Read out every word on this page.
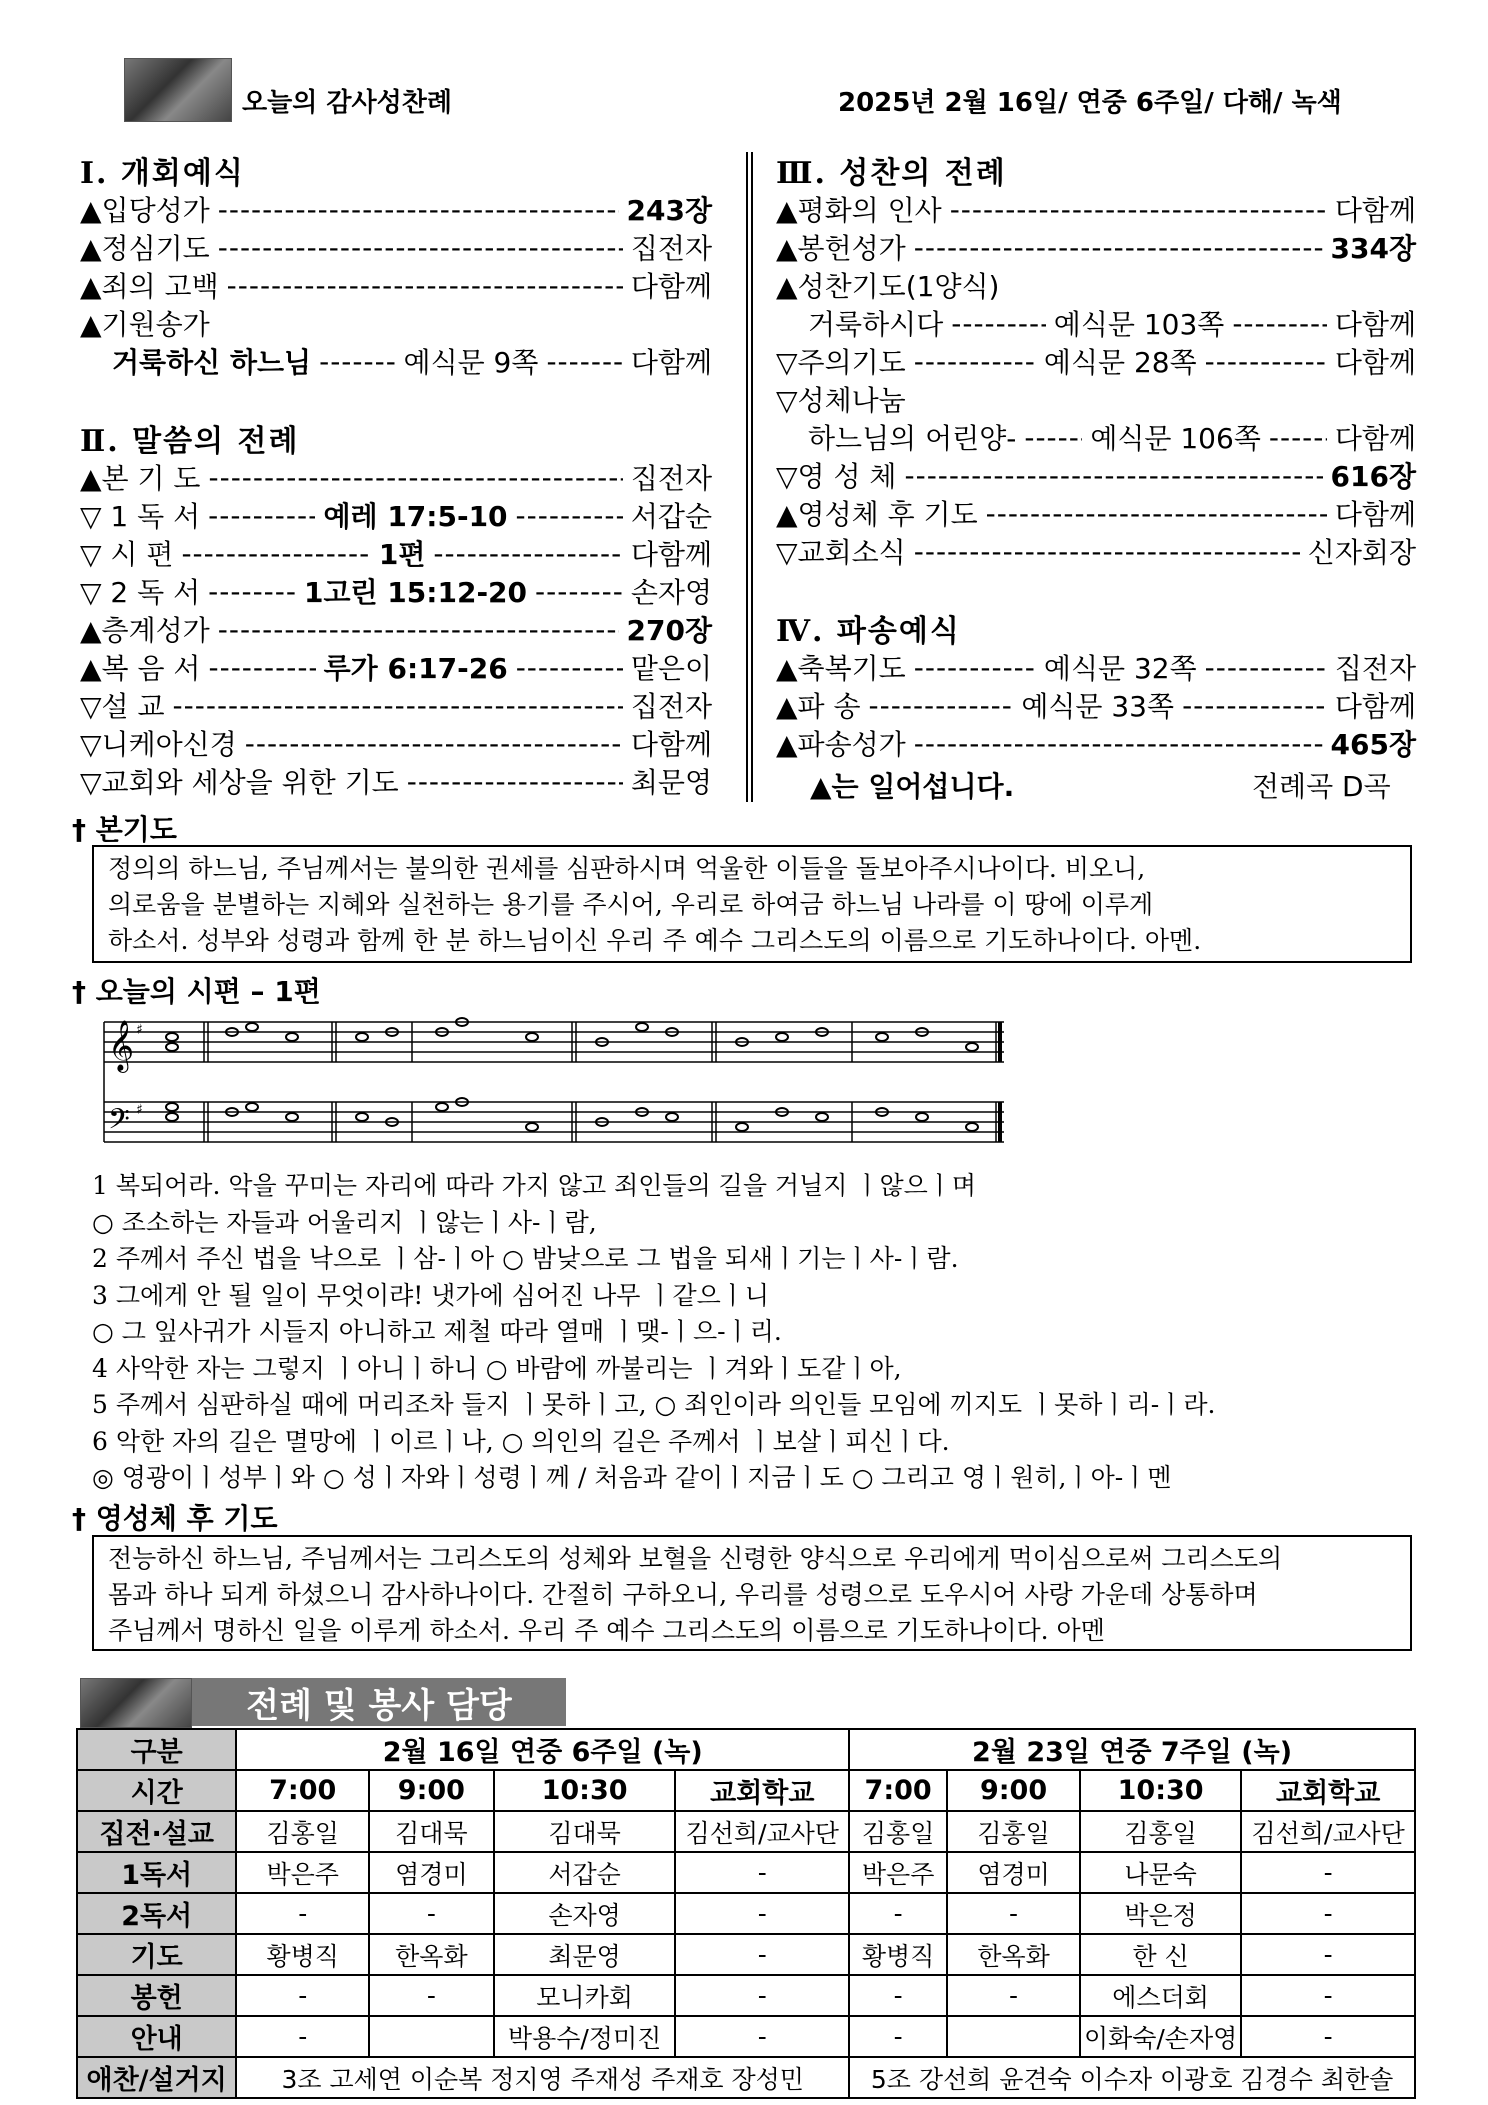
오늘의 감사성찬례	2025년 2월 16일/ 연중 6주일/ 다해/ 녹색
Ⅰ. 개회예식
▲입당성가 -----	243장
▲정심기도 -----	집전자
▲죄의 고백 -----	다함께
▲기원송가
거룩하신 하느님 -----	예식문 9쪽 -----	다함께
Ⅱ. 말씀의 전례
▲본 기 도 -----	집전자
▽ 1 독 서 -----	예레 17:5-10 -----	서갑순
▽ 시 편 -----	1편 -----	다함께
▽ 2 독 서 -----	1고린 15:12-20 -----	손자영
▲층계성가 -----	270장
▲복 음 서 -----	루가 6:17-26 -----	맡은이
▽설 교 -----	집전자
▽니케아신경 -----	다함께
▽교회와 세상을 위한 기도 -----	최문영
Ⅲ. 성찬의 전례
▲평화의 인사 -----	다함께
▲봉헌성가 -----	334장
▲성찬기도(1양식)
거룩하시다 -----	예식문 103쪽 -----	다함께
▽주의기도 -----	예식문 28쪽 -----	다함께
▽성체나눔
하느님의 어린양- -----	예식문 106쪽 -----	다함께
▽영 성 체 -----	616장
▲영성체 후 기도 -----	다함께
▽교회소식 -----	신자회장
Ⅳ. 파송예식
▲축복기도 -----	예식문 32쪽 -----	집전자
▲파 송 -----	예식문 33쪽 -----	다함께
▲파송성가 -----	465장
▲는 일어섭니다.	전례곡 D곡
† 본기도
정의의 하느님, 주님께서는 불의한 권세를 심판하시며 억울한 이들을 돌보아주시나이다. 비오니,
의로움을 분별하는 지혜와 실천하는 용기를 주시어, 우리로 하여금 하느님 나라를 이 땅에 이루게
하소서. 성부와 성령과 함께 한 분 하느님이신 우리 주 예수 그리스도의 이름으로 기도하나이다. 아멘.
† 오늘의 시편 – 1편
𝄞
𝄢
♯
♯
1 복되어라. 악을 꾸미는 자리에 따라 가지 않고 죄인들의 길을 거닐지 ㅣ않으ㅣ며
○ 조소하는 자들과 어울리지 ㅣ않는ㅣ사-ㅣ람,
2 주께서 주신 법을 낙으로 ㅣ삼-ㅣ아 ○ 밤낮으로 그 법을 되새ㅣ기는ㅣ사-ㅣ람.
3 그에게 안 될 일이 무엇이랴! 냇가에 심어진 나무 ㅣ같으ㅣ니
○ 그 잎사귀가 시들지 아니하고 제철 따라 열매 ㅣ맺-ㅣ으-ㅣ리.
4 사악한 자는 그렇지 ㅣ아니ㅣ하니 ○ 바람에 까불리는 ㅣ겨와ㅣ도같ㅣ아,
5 주께서 심판하실 때에 머리조차 들지 ㅣ못하ㅣ고, ○ 죄인이라 의인들 모임에 끼지도 ㅣ못하ㅣ리-ㅣ라.
6 악한 자의 길은 멸망에 ㅣ이르ㅣ나, ○ 의인의 길은 주께서 ㅣ보살ㅣ피신ㅣ다.
◎ 영광이ㅣ성부ㅣ와 ○ 성ㅣ자와ㅣ성령ㅣ께 / 처음과 같이ㅣ지금ㅣ도 ○ 그리고 영ㅣ원히,ㅣ아-ㅣ멘
† 영성체 후 기도
전능하신 하느님, 주님께서는 그리스도의 성체와 보혈을 신령한 양식으로 우리에게 먹이심으로써 그리스도의
몸과 하나 되게 하셨으니 감사하나이다. 간절히 구하오니, 우리를 성령으로 도우시어 사랑 가운데 상통하며
주님께서 명하신 일을 이루게 하소서. 우리 주 예수 그리스도의 이름으로 기도하나이다. 아멘
전례 및 봉사 담당
구분	2월 16일 연중 6주일 (녹)				2월 23일 연중 7주일 (녹)			
시간	7:00	9:00	10:30	교회학교	7:00	9:00	10:30	교회학교
집전·설교	김홍일	김대묵	김대묵	김선희/교사단	김홍일	김홍일	김홍일	김선희/교사단
1독서	박은주	염경미	서갑순	-	박은주	염경미	나문숙	-
2독서	-	-	손자영	-	-	-	박은정	-
기도	황병직	한옥화	최문영	-	황병직	한옥화	한 신	-
봉헌	-	-	모니카회	-	-	-	에스더회	-
안내	-		박용수/정미진	-	-		이화숙/손자영	-
애찬/설거지	3조 고세연 이순복 정지영 주재성 주재호 장성민				5조 강선희 윤견숙 이수자 이광호 김경수 최한솔			
